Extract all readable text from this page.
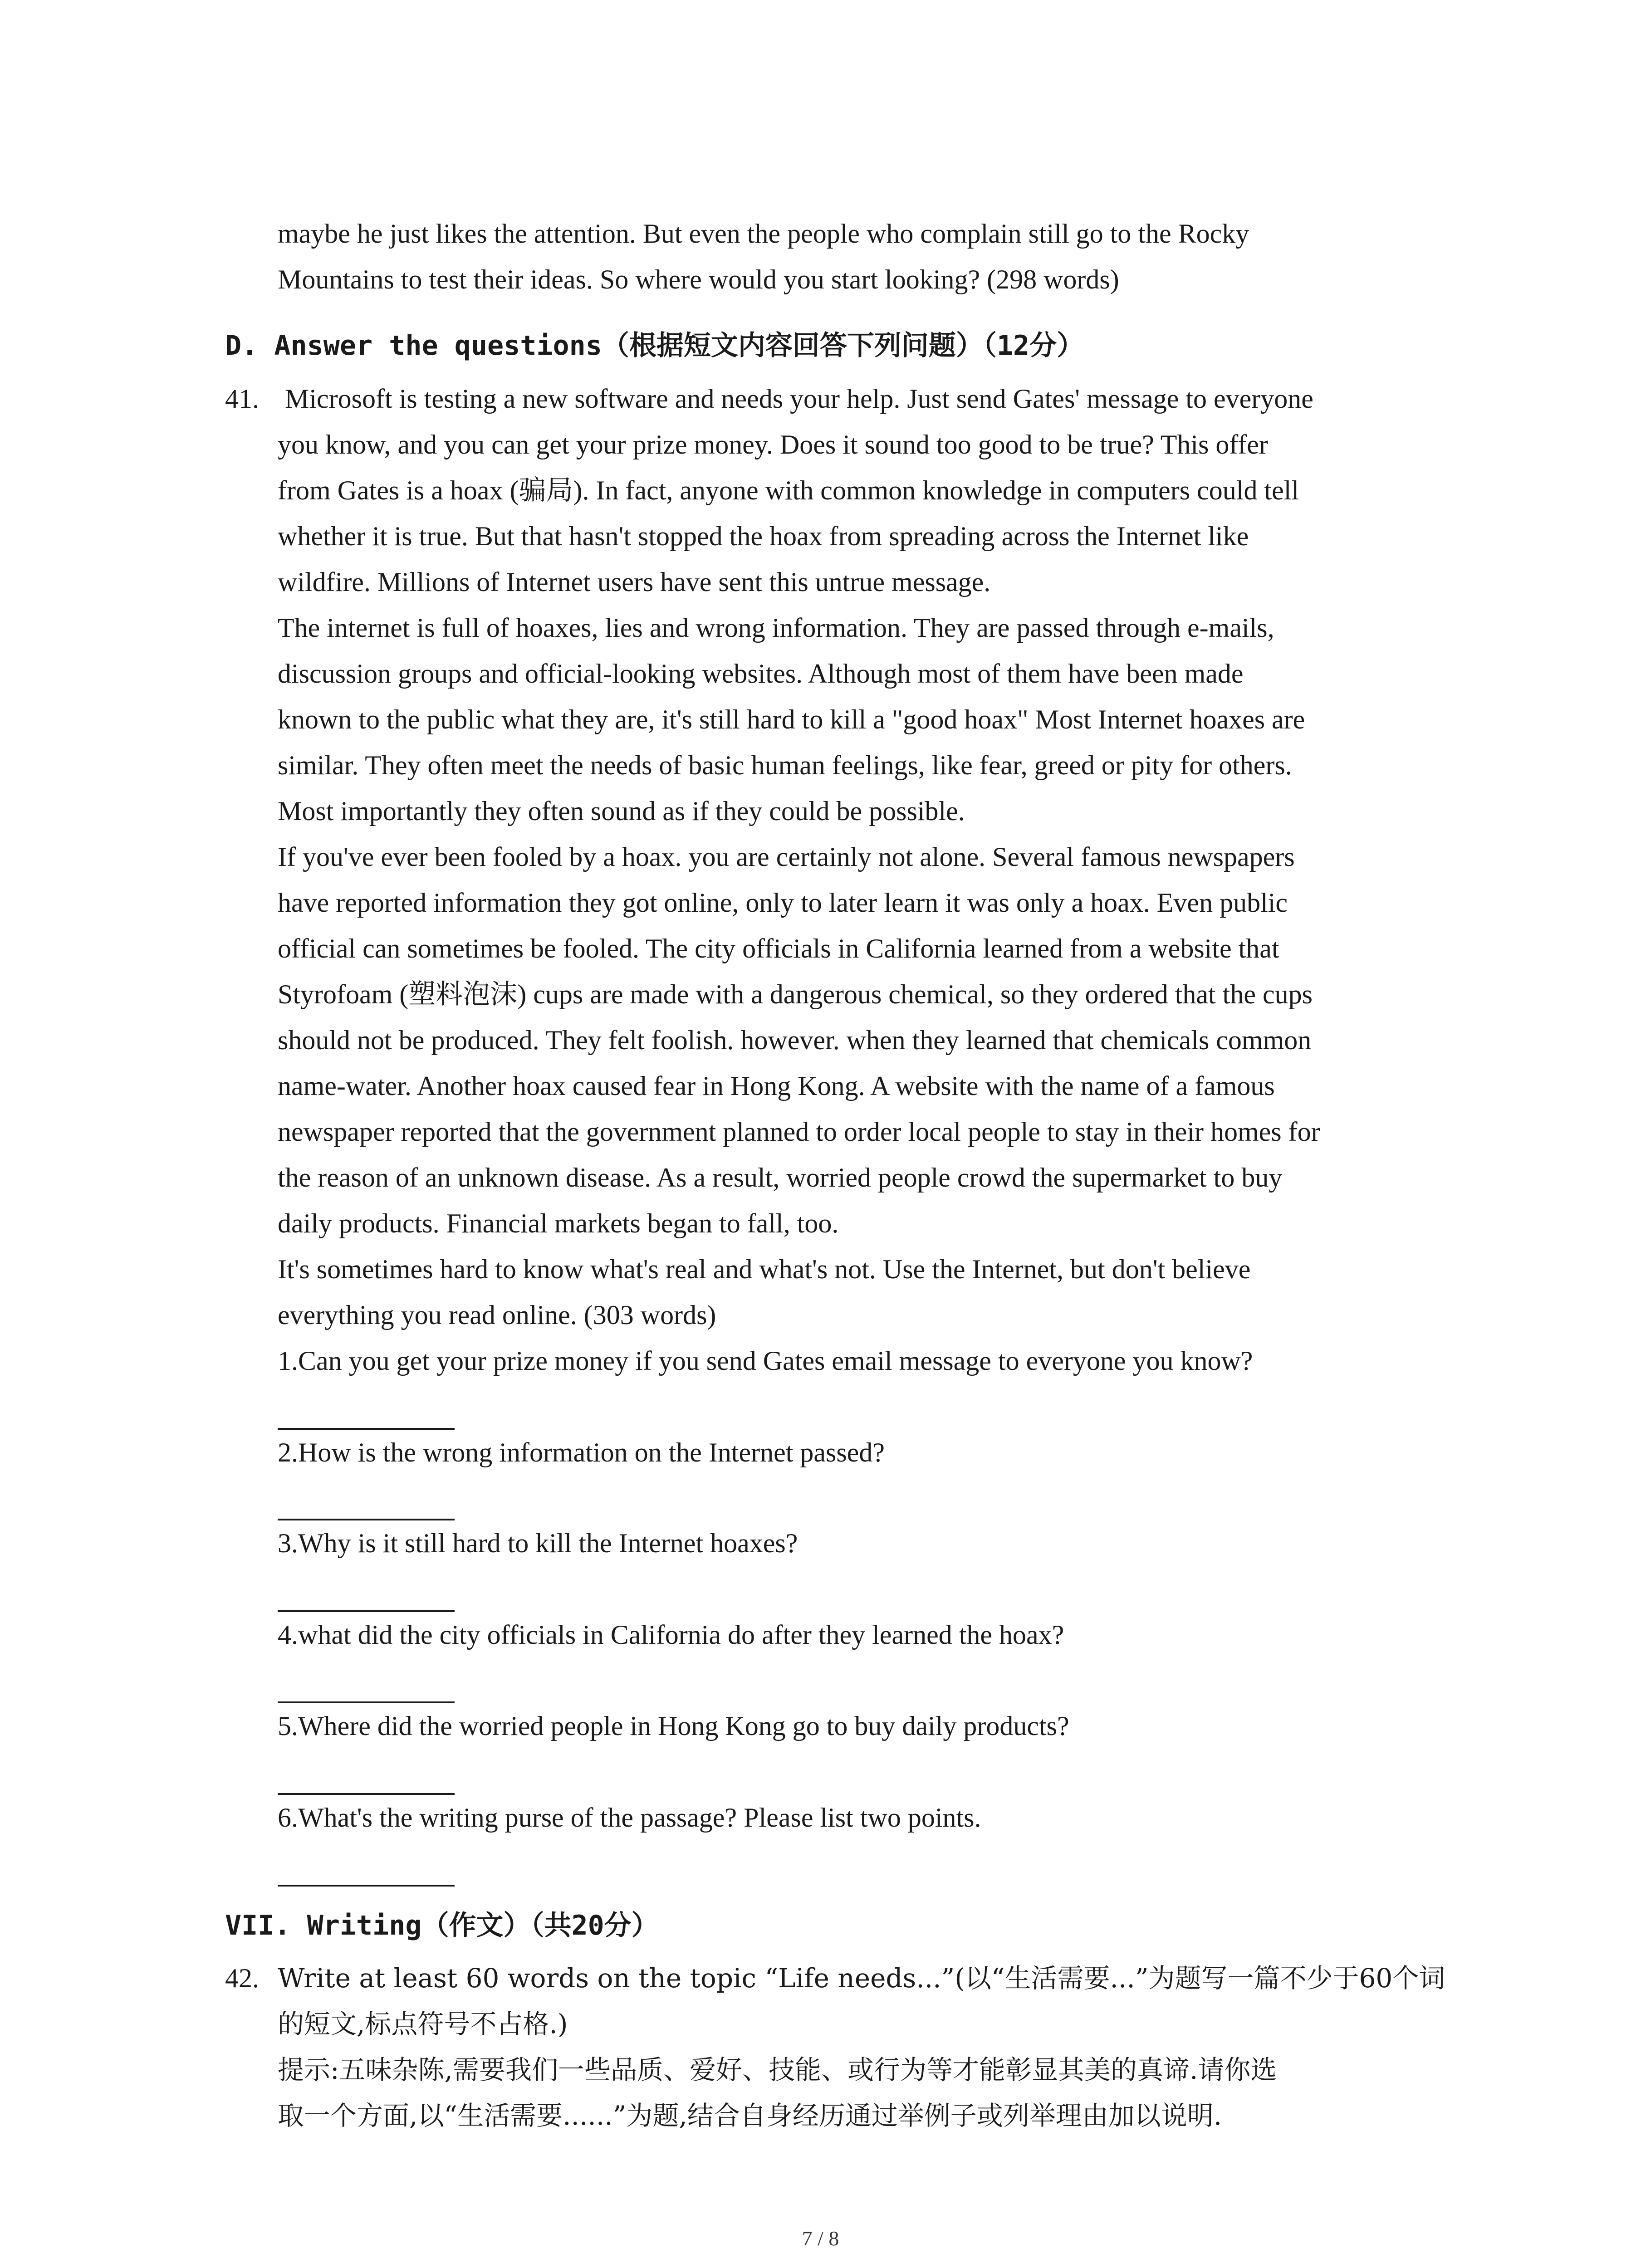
maybe he just likes the attention. But even the people who complain still go to the Rocky
Mountains to test their ideas. So where would you start looking? (298 words)
D. Answer the questions（根据短文内容回答下列问题）（12分）
41. Microsoft is testing a new software and needs your help. Just send Gates' message to everyone
you know, and you can get your prize money. Does it sound too good to be true? This offer
from Gates is a hoax (骗局). In fact, anyone with common knowledge in computers could tell
whether it is true. But that hasn't stopped the hoax from spreading across the Internet like
wildfire. Millions of Internet users have sent this untrue message.
The internet is full of hoaxes, lies and wrong information. They are passed through e-mails,
discussion groups and official-looking websites. Although most of them have been made
known to the public what they are, it's still hard to kill a "good hoax" Most Internet hoaxes are
similar. They often meet the needs of basic human feelings, like fear, greed or pity for others.
Most importantly they often sound as if they could be possible.
If you've ever been fooled by a hoax. you are certainly not alone. Several famous newspapers
have reported information they got online, only to later learn it was only a hoax. Even public
official can sometimes be fooled. The city officials in California learned from a website that
Styrofoam (塑料泡沫) cups are made with a dangerous chemical, so they ordered that the cups
should not be produced. They felt foolish. however. when they learned that chemicals common
name-water. Another hoax caused fear in Hong Kong. A website with the name of a famous
newspaper reported that the government planned to order local people to stay in their homes for
the reason of an unknown disease. As a result, worried people crowd the supermarket to buy
daily products. Financial markets began to fall, too.
It's sometimes hard to know what's real and what's not. Use the Internet, but don't believe
everything you read online. (303 words)
1.Can you get your prize money if you send Gates email message to everyone you know?
2.How is the wrong information on the Internet passed?
3.Why is it still hard to kill the Internet hoaxes?
4.what did the city officials in California do after they learned the hoax?
5.Where did the worried people in Hong Kong go to buy daily products?
6.What's the writing purse of the passage? Please list two points.
VII. Writing（作文）（共20分）
42. Write at least 60 words on the topic “Life needs...”(以“生活需要...”为题写一篇不少于60个词
的短文,标点符号不占格.)
提示:五味杂陈,需要我们一些品质、爱好、技能、或行为等才能彰显其美的真谛.请你选
取一个方面,以“生活需要......”为题,结合自身经历通过举例子或列举理由加以说明.
7 / 8
